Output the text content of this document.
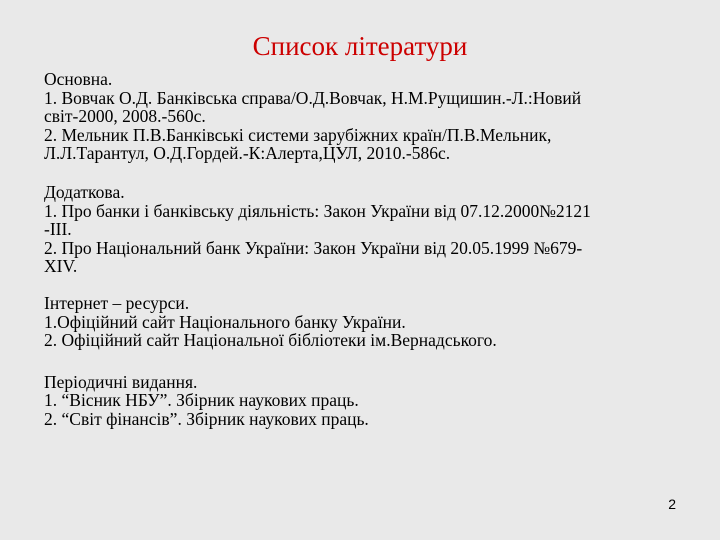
Список літератури
Основна.
1. Вовчак О.Д. Банківська справа/О.Д.Вовчак, Н.М.Рущишин.-Л.:Новий
світ-2000, 2008.-560с.
2. Мельник П.В.Банківські системи зарубіжних країн/П.В.Мельник,
Л.Л.Тарантул, О.Д.Гордей.-К:Алерта,ЦУЛ, 2010.-586с.
Додаткова.
1. Про банки і банківську діяльність: Закон України від 07.12.2000№2121
-ІІІ.
2. Про Національний банк України: Закон України від 20.05.1999 №679-
XIV.
Інтернет – ресурси.
1.Офіційний сайт Національного банку України.
2. Офіційний сайт Національної бібліотеки ім.Вернадського.
Періодичні видання.
1. “Вісник НБУ”. Збірник наукових праць.
2. “Світ фінансів”. Збірник наукових праць.
2
